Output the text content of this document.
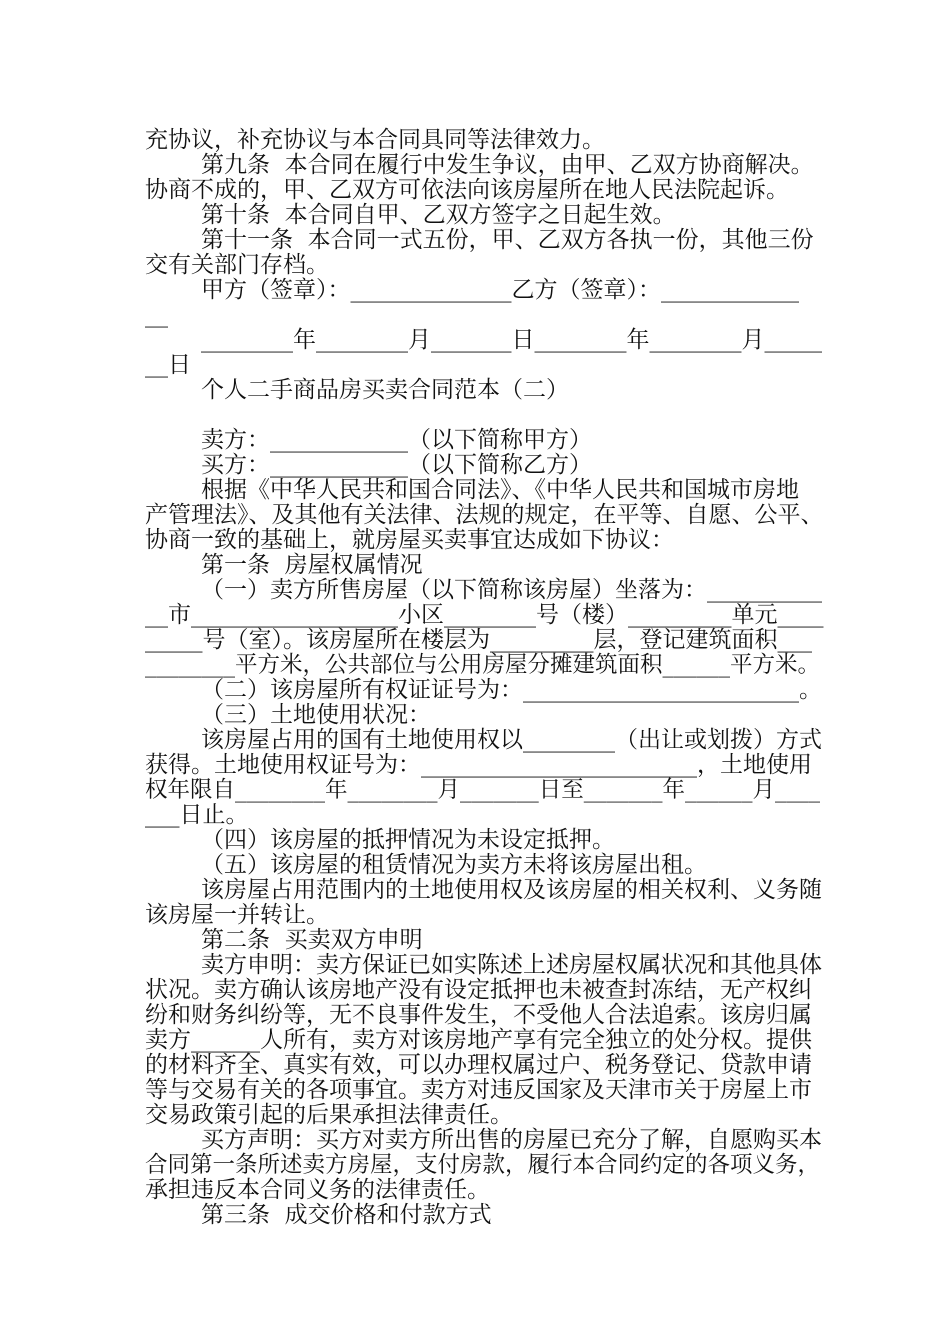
充协议，补充协议与本合同具同等法律效力。
第九条  本合同在履行中发生争议，由甲、乙双方协商解决。
协商不成的，甲、乙双方可依法向该房屋所在地人民法院起诉。
第十条  本合同自甲、乙双方签字之日起生效。
第十一条  本合同一式五份，甲、乙双方各执一份，其他三份
交有关部门存档。
甲方（签章）：______________乙方（签章）：____________
__
________年________月_______日________年________月_____
__日
个人二手商品房买卖合同范本（二）
卖方：____________（以下简称甲方）
买方：____________（以下简称乙方）
根据《中华人民共和国合同法》、《中华人民共和国城市房地
产管理法》、及其他有关法律、法规的规定，在平等、自愿、公平、
协商一致的基础上，就房屋买卖事宜达成如下协议：
第一条  房屋权属情况
（一）卖方所售房屋（以下简称该房屋）坐落为：__________
__市__________________小区________号（楼）_________单元____
_____号（室）。该房屋所在楼层为_________层，登记建筑面积___
________平方米，公共部位与公用房屋分摊建筑面积______平方米。
（二）该房屋所有权证证号为：________________________。
（三）土地使用状况：
该房屋占用的国有土地使用权以________（出让或划拨）方式
获得。土地使用权证号为：________________________，土地使用
权年限自________年________月_______日至_______年______月____
___日止。
（四）该房屋的抵押情况为未设定抵押。
（五）该房屋的租赁情况为卖方未将该房屋出租。
该房屋占用范围内的土地使用权及该房屋的相关权利、义务随
该房屋一并转让。
第二条  买卖双方申明
卖方申明：卖方保证已如实陈述上述房屋权属状况和其他具体
状况。卖方确认该房地产没有设定抵押也未被查封冻结，无产权纠
纷和财务纠纷等，无不良事件发生，不受他人合法追索。该房归属
卖方______人所有，卖方对该房地产享有完全独立的处分权。提供
的材料齐全、真实有效，可以办理权属过户、税务登记、贷款申请
等与交易有关的各项事宜。卖方对违反国家及天津市关于房屋上市
交易政策引起的后果承担法律责任。
买方声明：买方对卖方所出售的房屋已充分了解，自愿购买本
合同第一条所述卖方房屋，支付房款，履行本合同约定的各项义务，
承担违反本合同义务的法律责任。
第三条  成交价格和付款方式
